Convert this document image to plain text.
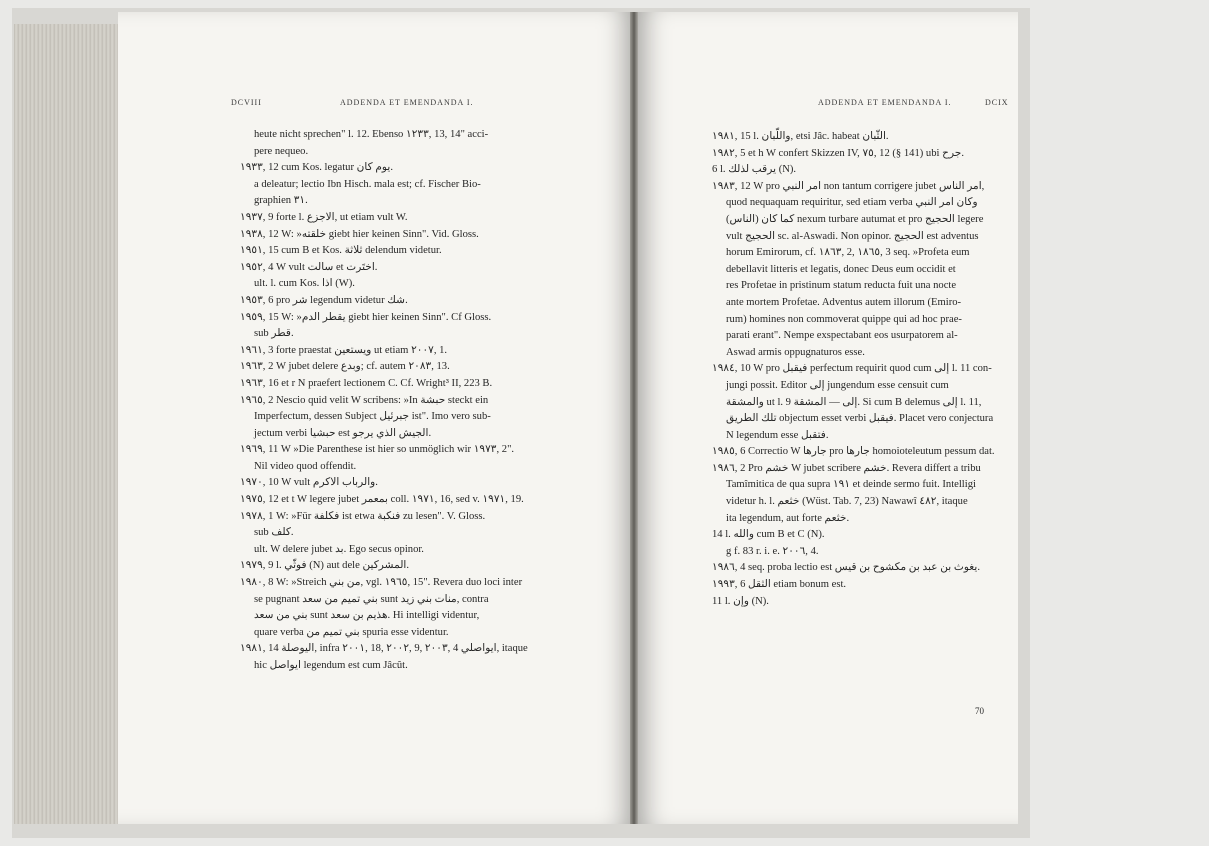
DCVIII	ADDENDA ET EMENDANDA I.	ADDENDA ET EMENDANDA I.	DCIX

heute nicht sprechen" l. 12. Ebenso ١٢٣٣, 13, 14" acci-

pere nequeo.

١٩٣٣, 12 cum Kos. legatur يوم كان.

a deleatur; lectio Ibn Hisch. mala est; cf. Fischer Bio-

graphien ٣١.

١٩٣٧, 9 forte l. الاجزع, ut etiam vult W.

١٩٣٨, 12 W: »خلقته giebt hier keinen Sinn". Vid. Gloss.

١٩٥١, 15 cum B et Kos. ثلاثة delendum videtur.

١٩٥٢, 4 W vult سالت et اختَرت.

ult. l. cum Kos. اذا (W).

١٩٥٣, 6 pro شر legendum videtur شك.

١٩٥٩, 15 W: »يقطر الدم giebt hier keinen Sinn". Cf Gloss.

sub قطر.

١٩٦١, 3 forte praestat ويستعين ut etiam ٢٠٠٧, 1.

١٩٦٣, 2 W jubet delere وبدع; cf. autem ٢٠٨٣, 13.

١٩٦٣, 16 et r N praefert lectionem C. Cf. Wright³ II, 223 B.

١٩٦٥, 2 Nescio quid velit W scribens: »In حبشة steckt ein

Imperfectum, dessen Subject جبرئيل ist". Imo vero sub-

jectum verbi حبشيا est الجيش الذي يرجو.

١٩٦٩, 11 W »Die Parenthese ist hier so unmöglich wir ١٩٧٣, 2".

Nil video quod offendit.

١٩٧٠, 10 W vult والرباب الاكرم.

١٩٧٥, 12 et t W legere jubet بمعمر coll. ١٩٧١, 16, sed v. ١٩٧١, 19.

١٩٧٨, 1 W: »Für فكلفة ist etwa فنكبة zu lesen". V. Gloss.

sub كلف.

ult. W delere jubet بد. Ego secus opinor.

١٩٧٩, 9 l. فوثّي (N) aut dele المشركين.

١٩٨٠, 8 W: »Streich من بني, vgl. ١٩٦٥, 15". Revera duo loci inter

se pugnant بني تميم من سعد sunt منات بني زيد, contra

بني من سعد sunt هذيم بن سعد. Hi intelligi videntur,

quare verba بني تميم من spuria esse videntur.

١٩٨١, 14 اليوصلة, infra ٢٠٠١, 18, ٢٠٠٢, 9, ٢٠٠٣, 4 ايواصلي, itaque

hic ايواصل legendum est cum Jâcût.

١٩٨١, 15 l. واللّبان, etsi Jâc. habeat الثّبان.

١٩٨٢, 5 et h W confert Skizzen IV, ٧٥, 12 (§ 141) ubi جرح.

6 l. يرقب لذلك (N).

١٩٨٣, 12 W pro امر النبي non tantum corrigere jubet امر الناس,

quod nequaquam requiritur, sed etiam verba وكان امر النبي

(الناس) كما كان nexum turbare autumat et pro الحجيج legere

vult الحجيج sc. al-Aswadi. Non opinor. الحجيج est adventus

horum Emirorum, cf. ١٨٦٣, 2, ١٨٦٥, 3 seq. »Profeta eum

debellavit litteris et legatis, donec Deus eum occidit et

res Profetae in pristinum statum reducta fuit una nocte

ante mortem Profetae. Adventus autem illorum (Emiro-

rum) homines non commoverat quippe qui ad hoc prae-

parati erant". Nempe exspectabant eos usurpatorem al-

Aswad armis oppugnaturos esse.

١٩٨٤, 10 W pro فيقبل perfectum requirit quod cum إلى l. 11 con-

jungi possit. Editor إلى jungendum esse censuit cum

والمشقة ut l. 9 إلى — المشقة. Si cum B delemus إلى l. 11,

تلك الطريق objectum esset verbi فيقبل. Placet vero conjectura

N legendum esse فتقبل.

١٩٨٥, 6 Correctio W جارها pro جارها homoioteleutum pessum dat.

١٩٨٦, 2 Pro خشم W jubet scribere خشم. Revera differt a tribu

Tamîmitica de qua supra ١٩١ et deinde sermo fuit. Intelligi

videtur h. l. خثعم (Wüst. Tab. 7, 23) Nawawî ٤٨٢, itaque

ita legendum, aut forte خثعم.

14 l. والله cum B et C (N).

g f. 83 r. i. e. ٢٠٠٦, 4.

١٩٨٦, 4 seq. proba lectio est يغوث بن عبد بن مكشوح بن قيس.

١٩٩٣, 6 الثقل etiam bonum est.

11 l. وإن (N).

70
